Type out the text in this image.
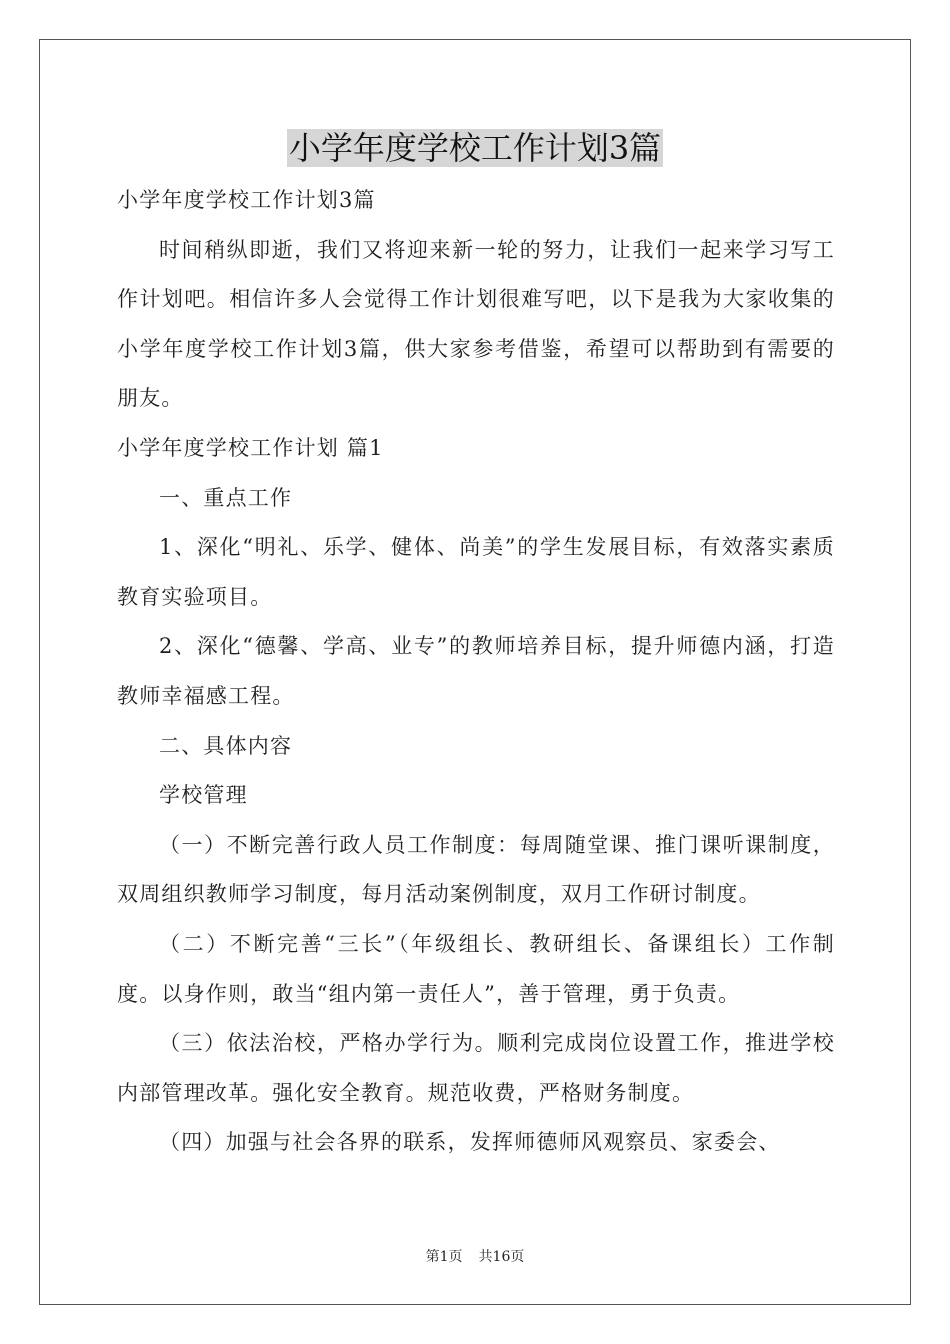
小学年度学校工作计划3篇

小学年度学校工作计划3篇

时间稍纵即逝，我们又将迎来新一轮的努力，让我们一起来学习写工作计划吧。相信许多人会觉得工作计划很难写吧，以下是我为大家收集的小学年度学校工作计划3篇，供大家参考借鉴，希望可以帮助到有需要的朋友。

小学年度学校工作计划 篇1

一、重点工作

1、深化“明礼、乐学、健体、尚美”的学生发展目标，有效落实素质教育实验项目。

2、深化“德馨、学高、业专”的教师培养目标，提升师德内涵，打造教师幸福感工程。

二、具体内容

学校管理

（一）不断完善行政人员工作制度：每周随堂课、推门课听课制度，双周组织教师学习制度，每月活动案例制度，双月工作研讨制度。

（二）不断完善“三长”（年级组长、教研组长、备课组长）工作制度。以身作则，敢当“组内第一责任人”，善于管理，勇于负责。

（三）依法治校，严格办学行为。顺利完成岗位设置工作，推进学校内部管理改革。强化安全教育。规范收费，严格财务制度。

（四）加强与社会各界的联系，发挥师德师风观察员、家委会、

第1页 共16页
